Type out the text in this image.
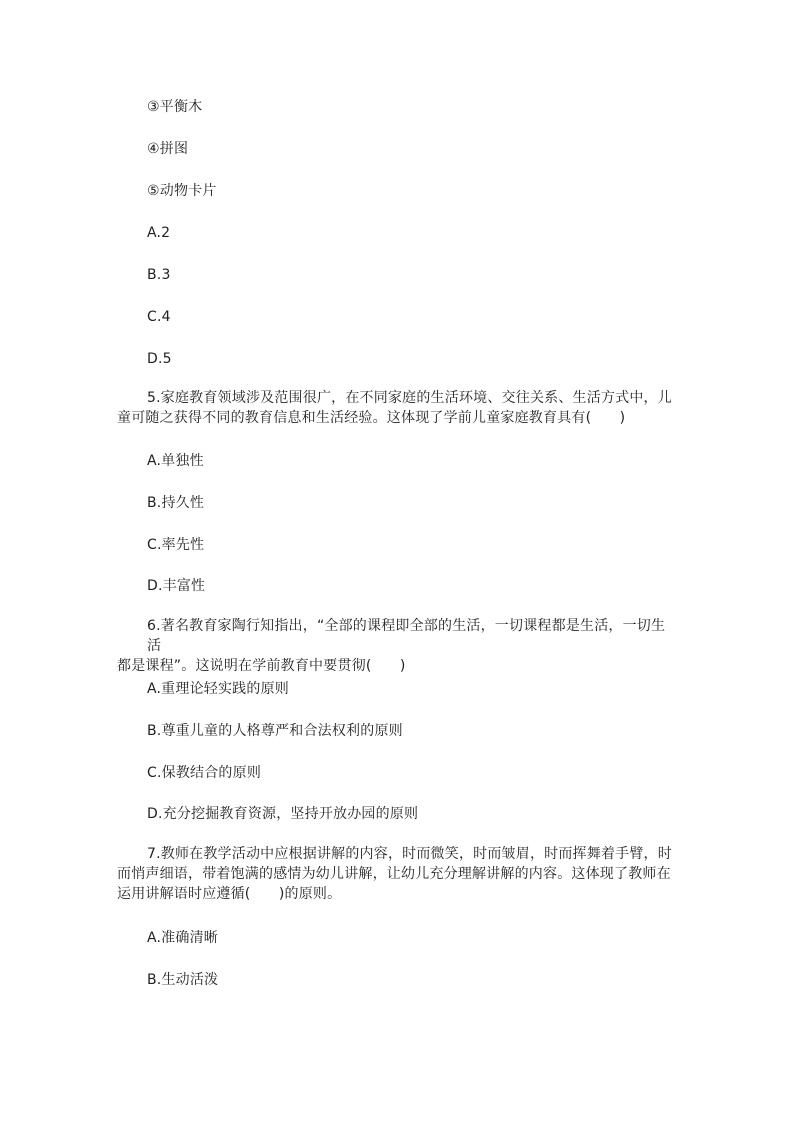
③平衡木
④拼图
⑤动物卡片
A.2
B.3
C.4
D.5
5.家庭教育领域涉及范围很广，在不同家庭的生活环境、交往关系、生活方式中，儿
童可随之获得不同的教育信息和生活经验。这体现了学前儿童家庭教育具有(　　)
A.单独性
B.持久性
C.率先性
D.丰富性
6.著名教育家陶行知指出，“全部的课程即全部的生活，一切课程都是生活，一切生活
都是课程”。这说明在学前教育中要贯彻(　　)
A.重理论轻实践的原则
B.尊重儿童的人格尊严和合法权利的原则
C.保教结合的原则
D.充分挖掘教育资源，坚持开放办园的原则
7.教师在教学活动中应根据讲解的内容，时而微笑，时而皱眉，时而挥舞着手臂，时
而悄声细语，带着饱满的感情为幼儿讲解，让幼儿充分理解讲解的内容。这体现了教师在
运用讲解语时应遵循(　　)的原则。
A.准确清晰
B.生动活泼
